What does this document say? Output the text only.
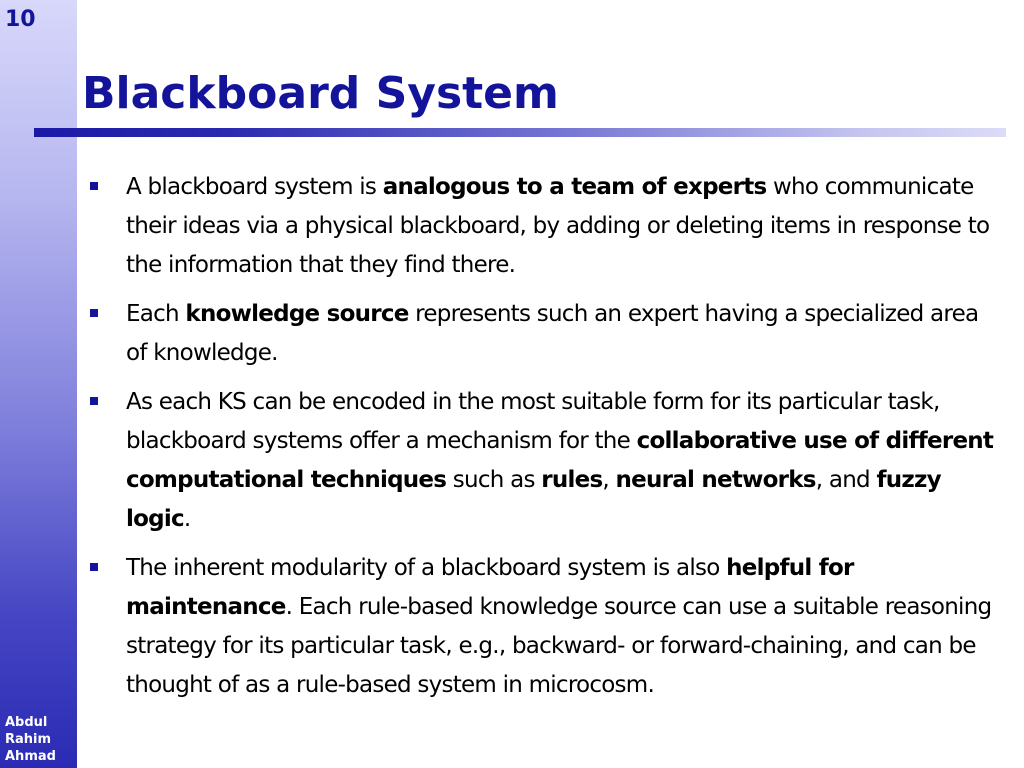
10
Abdul
Rahim
Ahmad
Blackboard System
A blackboard system is analogous to a team of experts who communicate their ideas via a physical blackboard, by adding or deleting items in response to the information that they find there.
Each knowledge source represents such an expert having a specialized area of knowledge.
As each KS can be encoded in the most suitable form for its particular task, blackboard systems offer a mechanism for the collaborative use of different computational techniques such as rules, neural networks, and fuzzy logic.
The inherent modularity of a blackboard system is also helpful for maintenance. Each rule-based knowledge source can use a suitable reasoning strategy for its particular task, e.g., backward- or forward-chaining, and can be thought of as a rule-based system in microcosm.
